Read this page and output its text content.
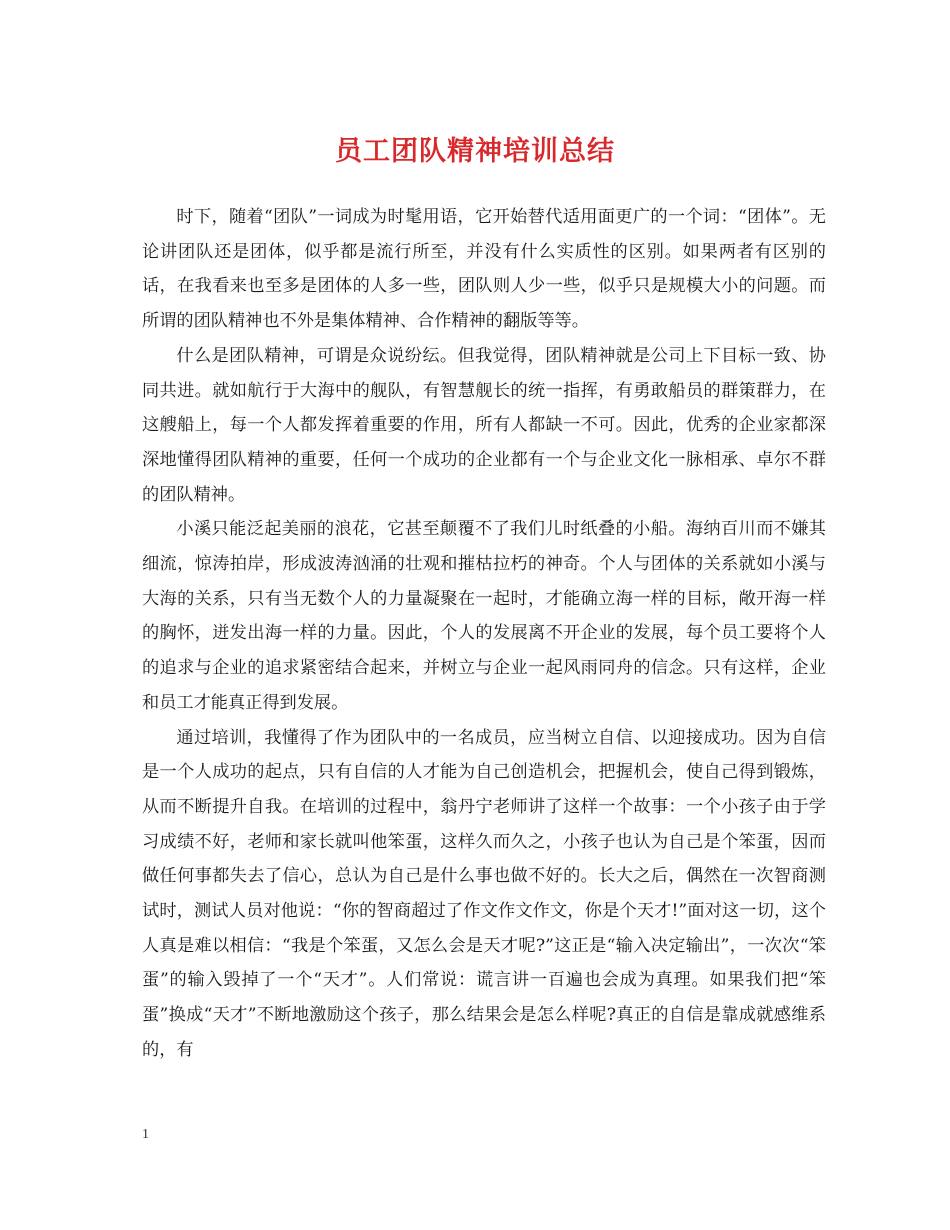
员工团队精神培训总结

时下，随着“团队”一词成为时髦用语，它开始替代适用面更广的一个词：“团体”。无论讲团队还是团体，似乎都是流行所至，并没有什么实质性的区别。如果两者有区别的话，在我看来也至多是团体的人多一些，团队则人少一些，似乎只是规模大小的问题。而所谓的团队精神也不外是集体精神、合作精神的翻版等等。

什么是团队精神，可谓是众说纷纭。但我觉得，团队精神就是公司上下目标一致、协同共进。就如航行于大海中的舰队，有智慧舰长的统一指挥，有勇敢船员的群策群力，在这艘船上，每一个人都发挥着重要的作用，所有人都缺一不可。因此，优秀的企业家都深深地懂得团队精神的重要，任何一个成功的企业都有一个与企业文化一脉相承、卓尔不群的团队精神。

小溪只能泛起美丽的浪花，它甚至颠覆不了我们儿时纸叠的小船。海纳百川而不嫌其细流，惊涛拍岸，形成波涛汹涌的壮观和摧枯拉朽的神奇。个人与团体的关系就如小溪与大海的关系，只有当无数个人的力量凝聚在一起时，才能确立海一样的目标，敞开海一样的胸怀，迸发出海一样的力量。因此，个人的发展离不开企业的发展，每个员工要将个人的追求与企业的追求紧密结合起来，并树立与企业一起风雨同舟的信念。只有这样，企业和员工才能真正得到发展。

通过培训，我懂得了作为团队中的一名成员，应当树立自信、以迎接成功。因为自信是一个人成功的起点，只有自信的人才能为自己创造机会，把握机会，使自己得到锻炼，从而不断提升自我。在培训的过程中，翁丹宁老师讲了这样一个故事：一个小孩子由于学习成绩不好，老师和家长就叫他笨蛋，这样久而久之，小孩子也认为自己是个笨蛋，因而做任何事都失去了信心，总认为自己是什么事也做不好的。长大之后，偶然在一次智商测试时，测试人员对他说：“你的智商超过了作文作文作文，你是个天才!”面对这一切，这个人真是难以相信：“我是个笨蛋，又怎么会是天才呢?”这正是“输入决定输出”，一次次“笨蛋”的输入毁掉了一个“天才”。人们常说：谎言讲一百遍也会成为真理。如果我们把“笨蛋”换成“天才”不断地激励这个孩子，那么结果会是怎么样呢?真正的自信是靠成就感维系的，有

1
